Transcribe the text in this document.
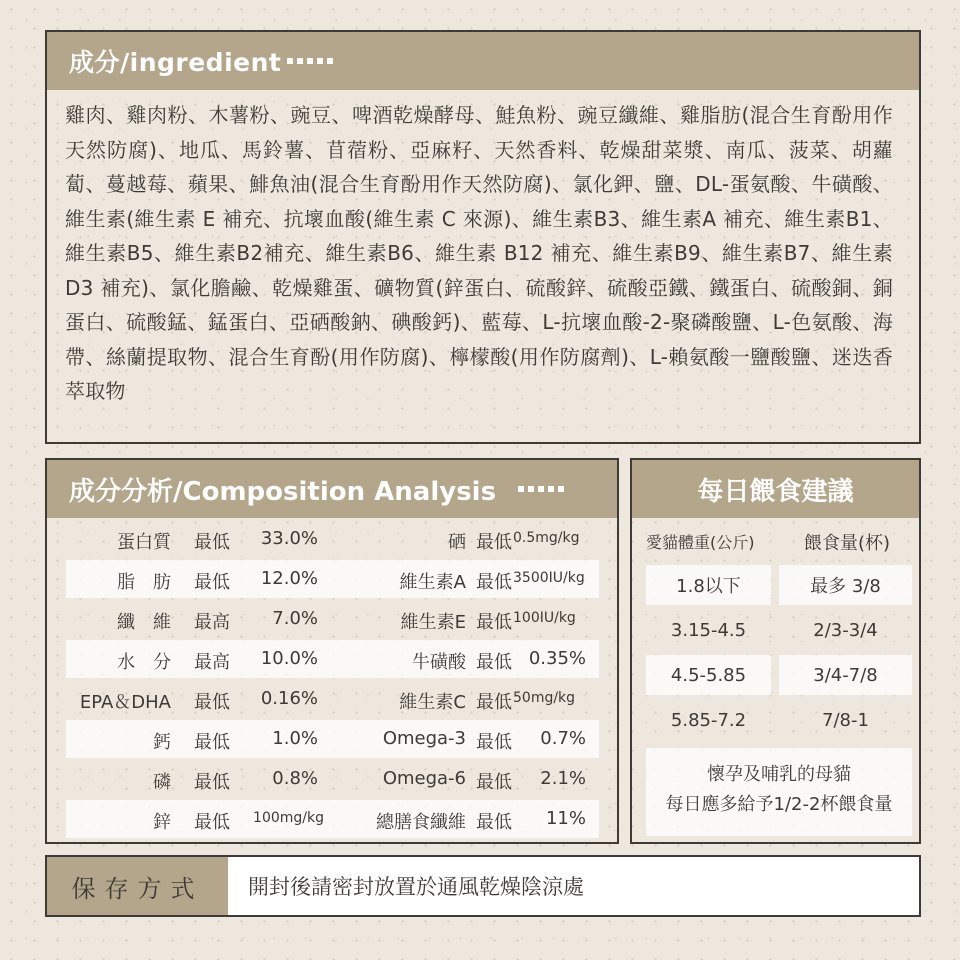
成分/ingredient
雞肉、雞肉粉、木薯粉、豌豆、啤酒乾燥酵母、鮭魚粉、豌豆纖維、雞脂肪(混合生育酚用作天然防腐)、地瓜、馬鈴薯、苜蓿粉、亞麻籽、天然香料、乾燥甜菜漿、南瓜、菠菜、胡蘿蔔、蔓越莓、蘋果、鯡魚油(混合生育酚用作天然防腐)、氯化鉀、鹽、DL-蛋氨酸、牛磺酸、維生素(維生素 E 補充、抗壞血酸(維生素 C 來源)、維生素B3、維生素A 補充、維生素B1、維生素B5、維生素B2補充、維生素B6、維生素 B12 補充、維生素B9、維生素B7、維生素 D3 補充)、氯化膽鹼、乾燥雞蛋、礦物質(鋅蛋白、硫酸鋅、硫酸亞鐵、鐵蛋白、硫酸銅、銅蛋白、硫酸錳、錳蛋白、亞硒酸鈉、碘酸鈣)、藍莓、L-抗壞血酸-2-聚磷酸鹽、L-色氨酸、海帶、絲蘭提取物、混合生育酚(用作防腐)、檸檬酸(用作防腐劑)、L-賴氨酸一鹽酸鹽、迷迭香萃取物
成分分析/Composition Analysis
蛋白質 最低	33.0%	硒 最低 0.5mg/kg
脂　肪 最低	12.0%	維生素A 最低 3500IU/kg
纖　維 最高	7.0%	維生素E 最低 100IU/kg
水　分 最高	10.0%	牛磺酸 最低 0.35%
EPA＆DHA 最低	0.16%	維生素C 最低 50mg/kg
鈣 最低	1.0%	Omega-3 最低	0.7%
磷 最低	0.8%	Omega-6 最低	2.1%
鋅 最低	100mg/kg	總膳食纖維 最低	11%
每日餵食建議
愛貓體重(公斤)	餵食量(杯)
1.8以下	最多 3/8
3.15-4.5	2/3-3/4
4.5-5.85	3/4-7/8
5.85-7.2	7/8-1
懷孕及哺乳的母貓
每日應多給予1/2-2杯餵食量
保存方式	開封後請密封放置於通風乾燥陰涼處
